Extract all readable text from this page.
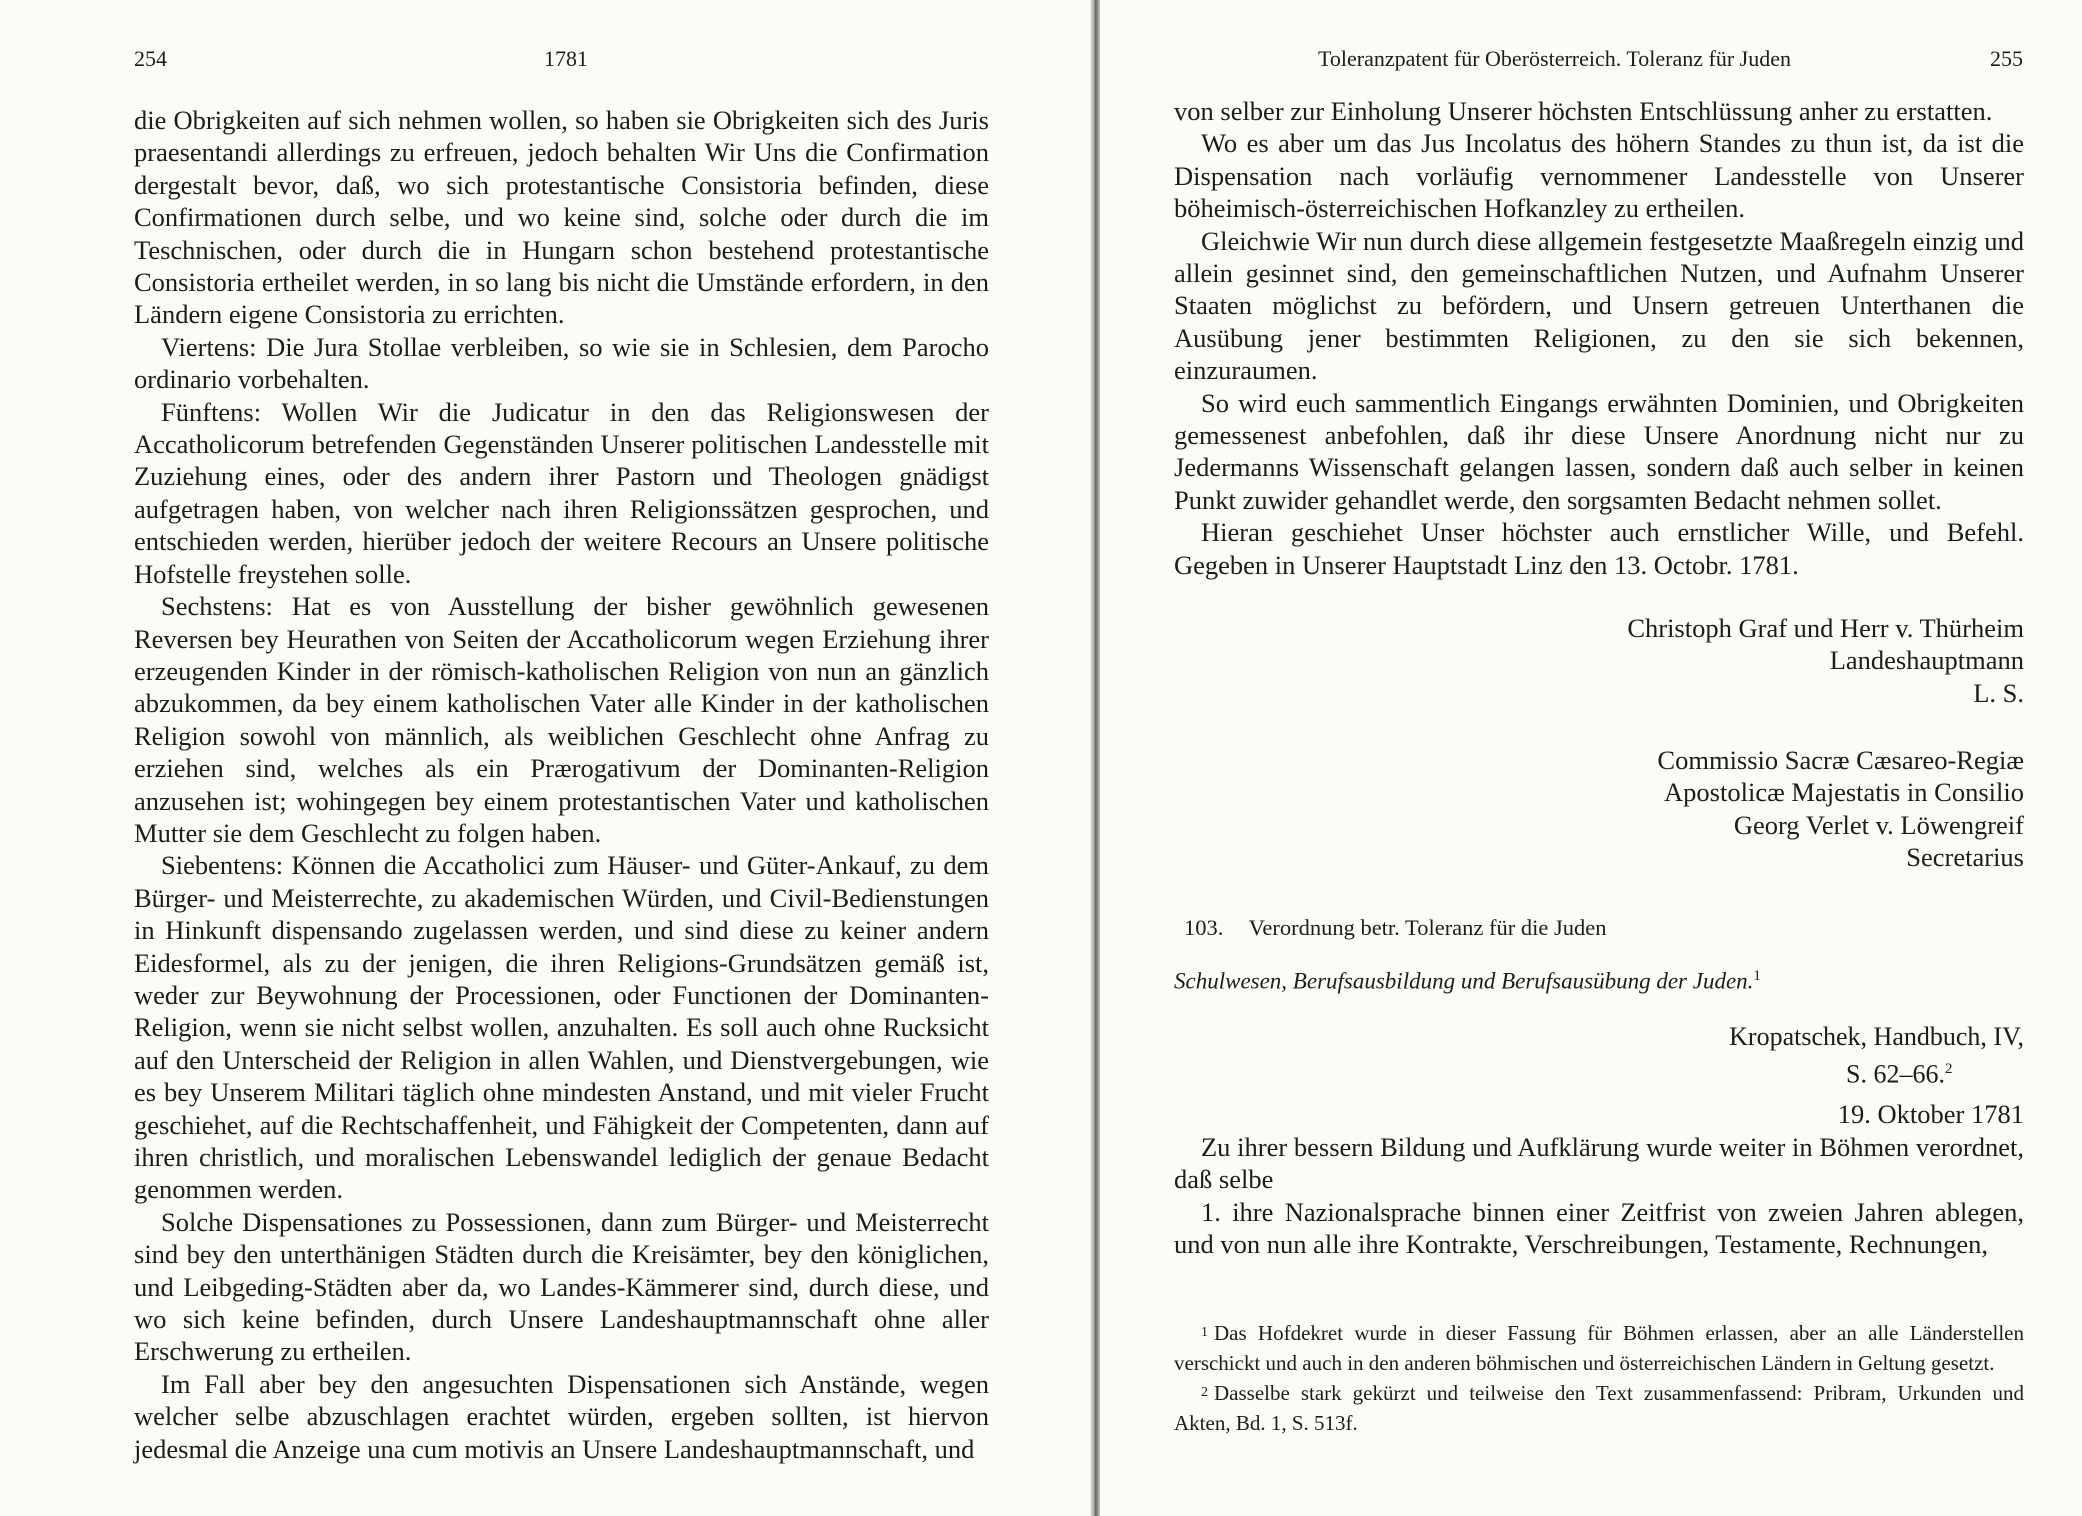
254	1781

die Obrigkeiten auf sich nehmen wollen, so haben sie Obrigkeiten sich des Juris praesentandi allerdings zu erfreuen, jedoch behalten Wir Uns die Confirmation dergestalt bevor, daß, wo sich protestantische Consistoria befinden, diese Confirmationen durch selbe, und wo keine sind, solche oder durch die im Teschnischen, oder durch die in Hungarn schon bestehend protestantische Consistoria ertheilet werden, in so lang bis nicht die Umstände erfordern, in den Ländern eigene Consistoria zu errichten.

Viertens: Die Jura Stollae verbleiben, so wie sie in Schlesien, dem Parocho ordinario vorbehalten.

Fünftens: Wollen Wir die Judicatur in den das Religionswesen der Accatholicorum betrefenden Gegenständen Unserer politischen Landesstelle mit Zuziehung eines, oder des andern ihrer Pastorn und Theologen gnädigst aufgetragen haben, von welcher nach ihren Religionssätzen gesprochen, und entschieden werden, hierüber jedoch der weitere Recours an Unsere politische Hofstelle freystehen solle.

Sechstens: Hat es von Ausstellung der bisher gewöhnlich gewesenen Reversen bey Heurathen von Seiten der Accatholicorum wegen Erziehung ihrer erzeugenden Kinder in der römisch-katholischen Religion von nun an gänzlich abzukommen, da bey einem katholischen Vater alle Kinder in der katholischen Religion sowohl von männlich, als weiblichen Geschlecht ohne Anfrag zu erziehen sind, welches als ein Prærogativum der Dominanten-Religion anzusehen ist; wohingegen bey einem protestantischen Vater und katholischen Mutter sie dem Geschlecht zu folgen haben.

Siebentens: Können die Accatholici zum Häuser- und Güter-Ankauf, zu dem Bürger- und Meisterrechte, zu akademischen Würden, und Civil-Bedienstungen in Hinkunft dispensando zugelassen werden, und sind diese zu keiner andern Eidesformel, als zu der jenigen, die ihren Religions-Grundsätzen gemäß ist, weder zur Beywohnung der Processionen, oder Functionen der Dominanten-Religion, wenn sie nicht selbst wollen, anzuhalten. Es soll auch ohne Rucksicht auf den Unterscheid der Religion in allen Wahlen, und Dienstvergebungen, wie es bey Unserem Militari täglich ohne mindesten Anstand, und mit vieler Frucht geschiehet, auf die Rechtschaffenheit, und Fähigkeit der Competenten, dann auf ihren christlich, und moralischen Lebenswandel lediglich der genaue Bedacht genommen werden.

Solche Dispensationes zu Possessionen, dann zum Bürger- und Meisterrecht sind bey den unterthänigen Städten durch die Kreisämter, bey den königlichen, und Leibgeding-Städten aber da, wo Landes-Kämmerer sind, durch diese, und wo sich keine befinden, durch Unsere Landeshauptmannschaft ohne aller Erschwerung zu ertheilen.

Im Fall aber bey den angesuchten Dispensationen sich Anstände, wegen welcher selbe abzuschlagen erachtet würden, ergeben sollten, ist hiervon jedesmal die Anzeige una cum motivis an Unsere Landeshauptmannschaft, und

Toleranzpatent für Oberösterreich. Toleranz für Juden	255

von selber zur Einholung Unserer höchsten Entschlüssung anher zu erstatten.

Wo es aber um das Jus Incolatus des höhern Standes zu thun ist, da ist die Dispensation nach vorläufig vernommener Landesstelle von Unserer böheimisch-österreichischen Hofkanzley zu ertheilen.

Gleichwie Wir nun durch diese allgemein festgesetzte Maaßregeln einzig und allein gesinnet sind, den gemeinschaftlichen Nutzen, und Aufnahm Unserer Staaten möglichst zu befördern, und Unsern getreuen Unterthanen die Ausübung jener bestimmten Religionen, zu den sie sich bekennen, einzuraumen.

So wird euch sammentlich Eingangs erwähnten Dominien, und Obrigkeiten gemessenest anbefohlen, daß ihr diese Unsere Anordnung nicht nur zu Jedermanns Wissenschaft gelangen lassen, sondern daß auch selber in keinen Punkt zuwider gehandlet werde, den sorgsamten Bedacht nehmen sollet.

Hieran geschiehet Unser höchster auch ernstlicher Wille, und Befehl. Gegeben in Unserer Hauptstadt Linz den 13. Octobr. 1781.

Christoph Graf und Herr v. Thürheim
Landeshauptmann
L. S.
Commissio Sacræ Cæsareo-Regiæ
Apostolicæ Majestatis in Consilio
Georg Verlet v. Löwengreif
Secretarius
103. Verordnung betr. Toleranz für die Juden
Schulwesen, Berufsausbildung und Berufsausübung der Juden.$^1$
Kropatschek, Handbuch, IV,
S. 62–66.$^2$
19. Oktober 1781

Zu ihrer bessern Bildung und Aufklärung wurde weiter in Böhmen verordnet, daß selbe

1. ihre Nazionalsprache binnen einer Zeitfrist von zweien Jahren ablegen, und von nun alle ihre Kontrakte, Verschreibungen, Testamente, Rechnungen,

$^1$ Das Hofdekret wurde in dieser Fassung für Böhmen erlassen, aber an alle Länderstellen verschickt und auch in den anderen böhmischen und österreichischen Ländern in Geltung gesetzt.

$^2$ Dasselbe stark gekürzt und teilweise den Text zusammenfassend: Pribram, Urkunden und Akten, Bd. 1, S. 513f.
